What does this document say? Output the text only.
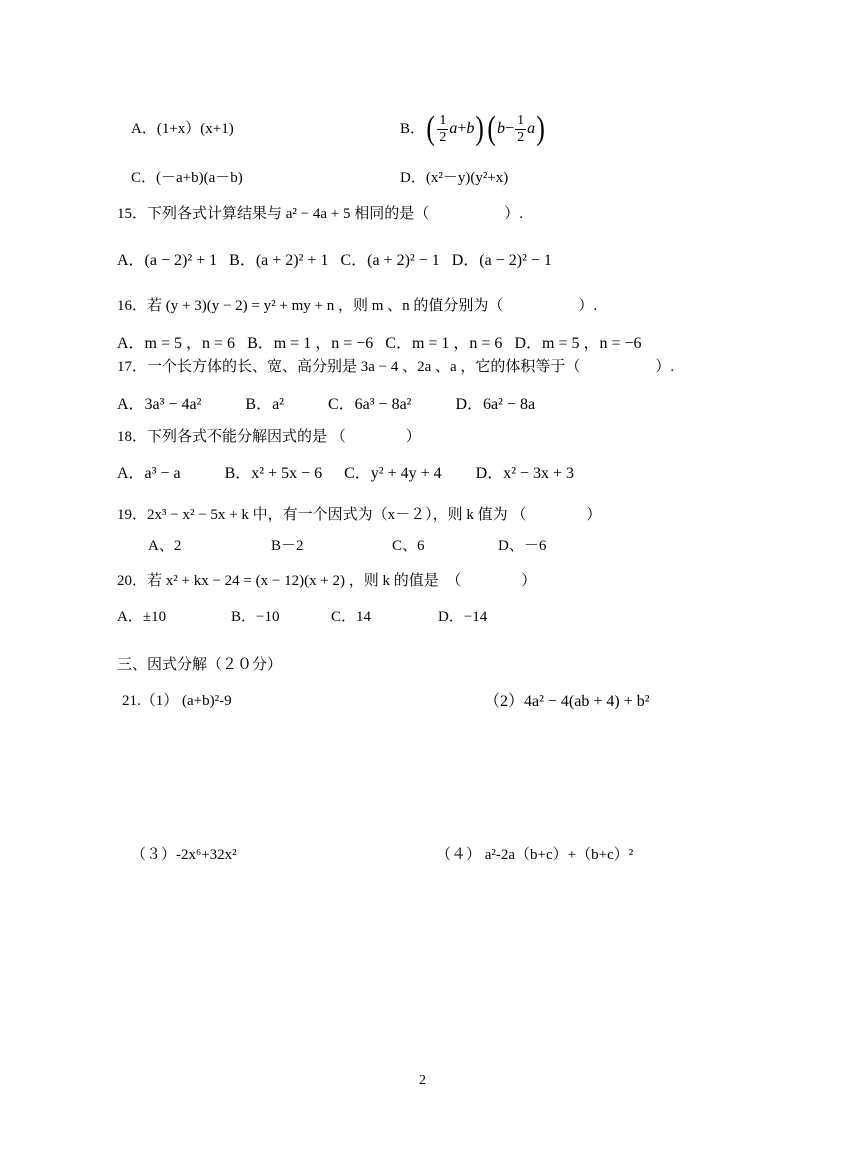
A．(1+x）(x+1)	B． ( $\frac{1}{2}$ a + b ) ( $b - \frac{1}{2}$ a )
C．(－a+b)(a－b)	D．(x²－y)(y²+x)
15．下列各式计算结果与 a² − 4a + 5 相同的是（　　　　　）.
A．(a − 2)² + 1 B．(a + 2)² + 1 C．(a + 2)² − 1 D．(a − 2)² − 1
16．若 (y + 3)(y − 2) = y² + my + n ，则 m 、n 的值分别为（　　　　　）.
A．m = 5 ，n = 6 B．m = 1 ，n = −6 C．m = 1 ，n = 6 D．m = 5 ，n = −6
17．一个长方体的长、宽、高分别是 3a − 4 、2a 、a ，它的体积等于（　　　　　）.
A．3a³ − 4a²	B．a²	C．6a³ − 8a²	D．6a² − 8a
18．下列各式不能分解因式的是 （　　　　）
A．a³ − a	B．x² + 5x − 6 C．y² + 4y + 4 D．x² − 3x + 3
19．2x³ − x² − 5x + k 中，有一个因式为（x－２），则 k 值为 （　　　　）
A、2	B－2	C、6	D、－6
20．若 x² + kx − 24 = (x − 12)(x + 2) ，则 k 的值是　（　　　　）
A．±10	B．−10	C．14	D．−14
三、因式分解（２０分）
21.（1） (a+b)²-9	（2）4a² − 4(ab + 4) + b²
（３）-2x⁶+32x²	（４） a²-2a（b+c）+（b+c）²
2
